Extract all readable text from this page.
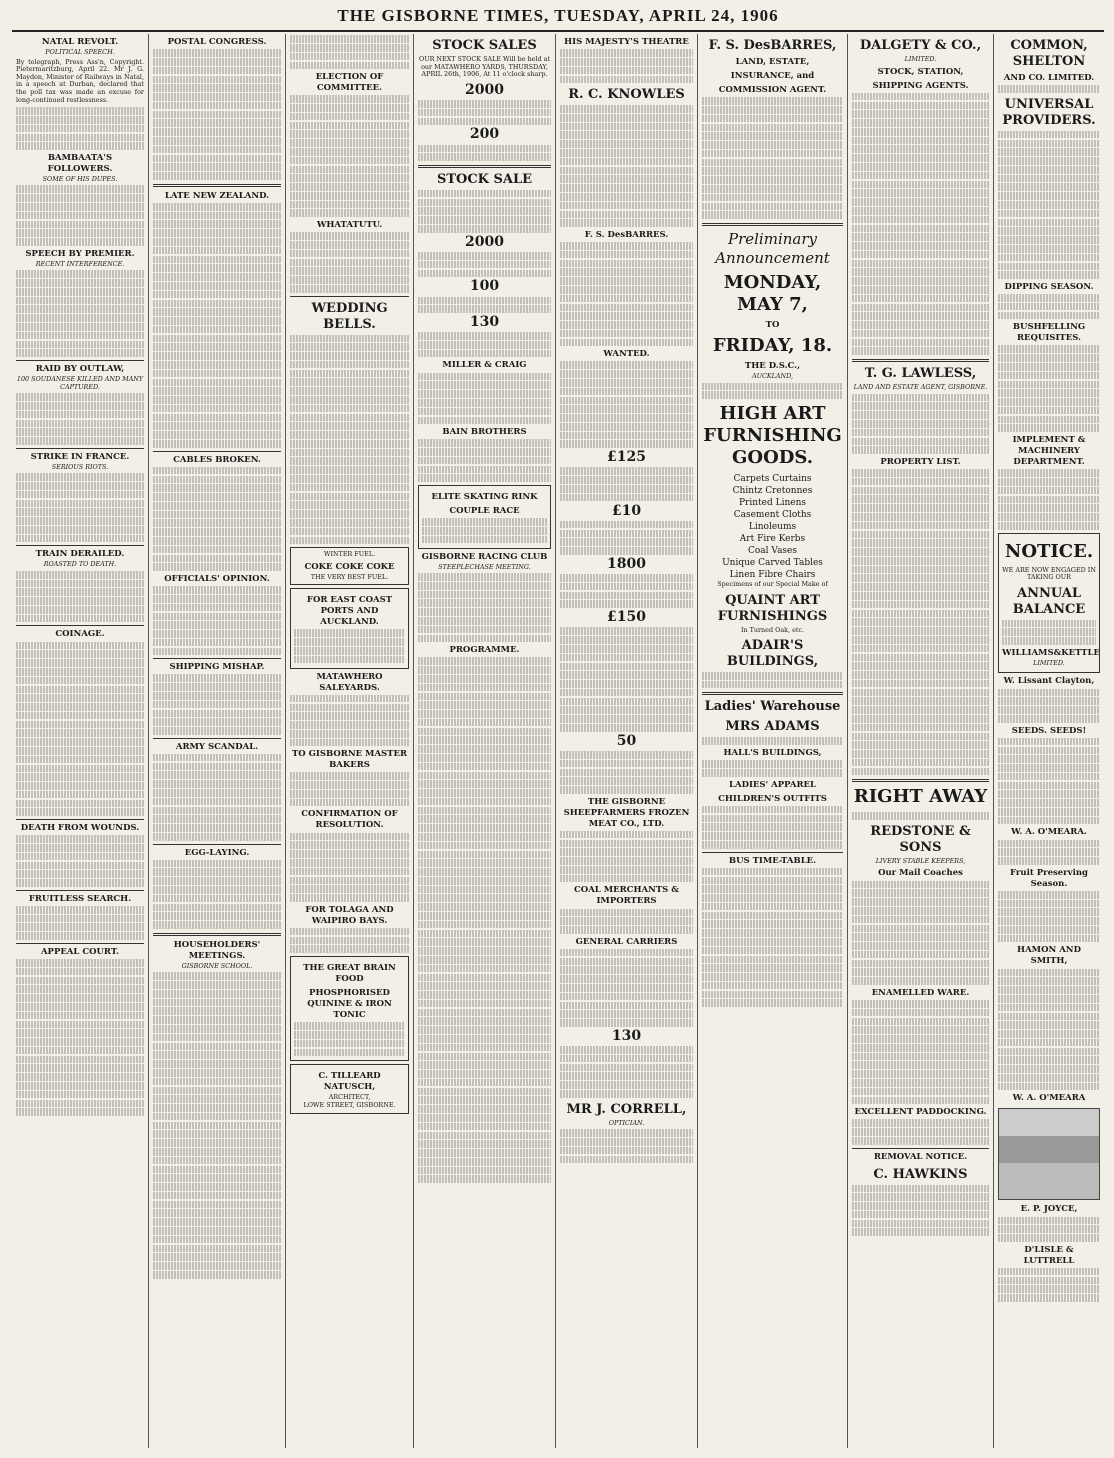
THE GISBORNE TIMES, TUESDAY, APRIL 24, 1906
NATAL REVOLT.
POLITICAL SPEECH.

By telegraph, Press Ass'n, Copyright. Pietermaritzburg, April 22. Mr J. G. Maydon, Minister of Railways in Natal, in a speech at Durban, declared that the poll tax was made an excuse for long-continued restlessness.

BAMBAATA'S FOLLOWERS.
SOME OF HIS DUPES.
SPEECH BY PREMIER.
RECENT INTERFERENCE.
RAID BY OUTLAW,
100 SOUDANESE KILLED AND MANY CAPTURED.
STRIKE IN FRANCE.
SERIOUS RIOTS.
TRAIN DERAILED.
ROASTED TO DEATH.
COINAGE.
DEATH FROM WOUNDS.
FRUITLESS SEARCH.
APPEAL COURT.
POSTAL CONGRESS.
LATE NEW ZEALAND.
CABLES BROKEN.
OFFICIALS' OPINION.
SHIPPING MISHAP.
ARMY SCANDAL.
EGG-LAYING.
HOUSEHOLDERS' MEETINGS.
GISBORNE SCHOOL.
ELECTION OF COMMITTEE.
WHATATUTU.
WEDDING BELLS.
WINTER FUEL.
COKE COKE COKE
THE VERY BEST FUEL.
FOR EAST COAST PORTS AND AUCKLAND.
MATAWHERO SALEYARDS.
TO GISBORNE MASTER BAKERS
CONFIRMATION OF RESOLUTION.
FOR TOLAGA AND WAIPIRO BAYS.
THE GREAT BRAIN FOOD
PHOSPHORISED QUININE & IRON TONIC
C. TILLEARD NATUSCH,
ARCHITECT,
LOWE STREET, GISBORNE.
STOCK SALES

OUR NEXT STOCK SALE Will be held at our MATAWHERO YARDS, THURSDAY, APRIL 26th, 1906, At 11 o'clock sharp.

2000
200
STOCK SALE
2000
100
130
MILLER & CRAIG
BAIN BROTHERS
ELITE SKATING RINK
COUPLE RACE
GISBORNE RACING CLUB
STEEPLECHASE MEETING.
PROGRAMME.
HIS MAJESTY'S THEATRE
R. C. KNOWLES
F. S. DesBARRES.
WANTED.
£125
£10
1800
£150
50
THE GISBORNE SHEEPFARMERS FROZEN MEAT CO., LTD.
COAL MERCHANTS & IMPORTERS
GENERAL CARRIERS
130
MR J. CORRELL,
OPTICIAN.
F. S. DesBARRES,
LAND, ESTATE,
INSURANCE, and
COMMISSION AGENT.
Preliminary Announcement
MONDAY, MAY 7,
TO
FRIDAY, 18.
THE D.S.C.,
AUCKLAND,
HIGH ART FURNISHING GOODS.
Carpets Curtains
Chintz Cretonnes
Printed Linens
Casement Cloths
Linoleums
Art Fire Kerbs
Coal Vases
Unique Carved Tables
Linen Fibre Chairs
Specimens of our Special Make of
QUAINT ART FURNISHINGS
In Turned Oak, etc.
ADAIR'S BUILDINGS,
Ladies' Warehouse
MRS ADAMS
HALL'S BUILDINGS,
LADIES' APPAREL
CHILDREN'S OUTFITS
BUS TIME-TABLE.
DALGETY & CO.,
LIMITED.
STOCK, STATION,
SHIPPING AGENTS.
T. G. LAWLESS,
LAND AND ESTATE AGENT, GISBORNE.
PROPERTY LIST.
RIGHT AWAY
REDSTONE & SONS
LIVERY STABLE KEEPERS,
Our Mail Coaches
ENAMELLED WARE.
EXCELLENT PADDOCKING.
REMOVAL NOTICE.
C. HAWKINS
COMMON, SHELTON
AND CO. LIMITED.
UNIVERSAL PROVIDERS.
DIPPING SEASON.
BUSHFELLING REQUISITES.
IMPLEMENT & MACHINERY DEPARTMENT.
NOTICE.
WE ARE NOW ENGAGED IN TAKING OUR
ANNUAL BALANCE
WILLIAMS&KETTLE
LIMITED.
W. Lissant Clayton,
SEEDS. SEEDS!
W. A. O'MEARA.
Fruit Preserving Season.
HAMON AND SMITH,
W. A. O'MEARA
E. P. JOYCE,
D'LISLE & LUTTRELL
